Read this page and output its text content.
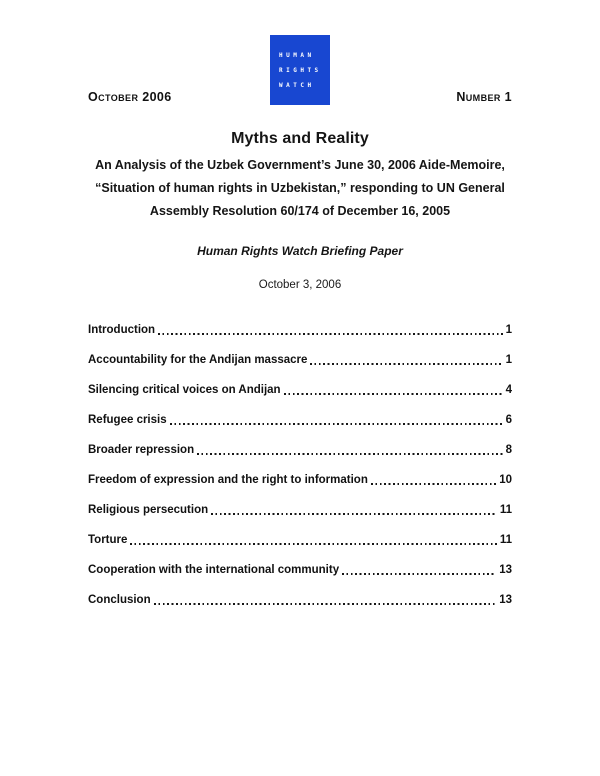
October 2006
HUMAN
RIGHTS
WATCH
Number 1
Myths and Reality
An Analysis of the Uzbek Government’s June 30, 2006 Aide-Memoire,
“Situation of human rights in Uzbekistan,” responding to UN General
Assembly Resolution 60/174 of December 16, 2005
Human Rights Watch Briefing Paper
October 3, 2006
Introduction	1
Accountability for the Andijan massacre	1
Silencing critical voices on Andijan	4
Refugee crisis	6
Broader repression	8
Freedom of expression and the right to information	10
Religious persecution	11
Torture	11
Cooperation with the international community	13
Conclusion	13
